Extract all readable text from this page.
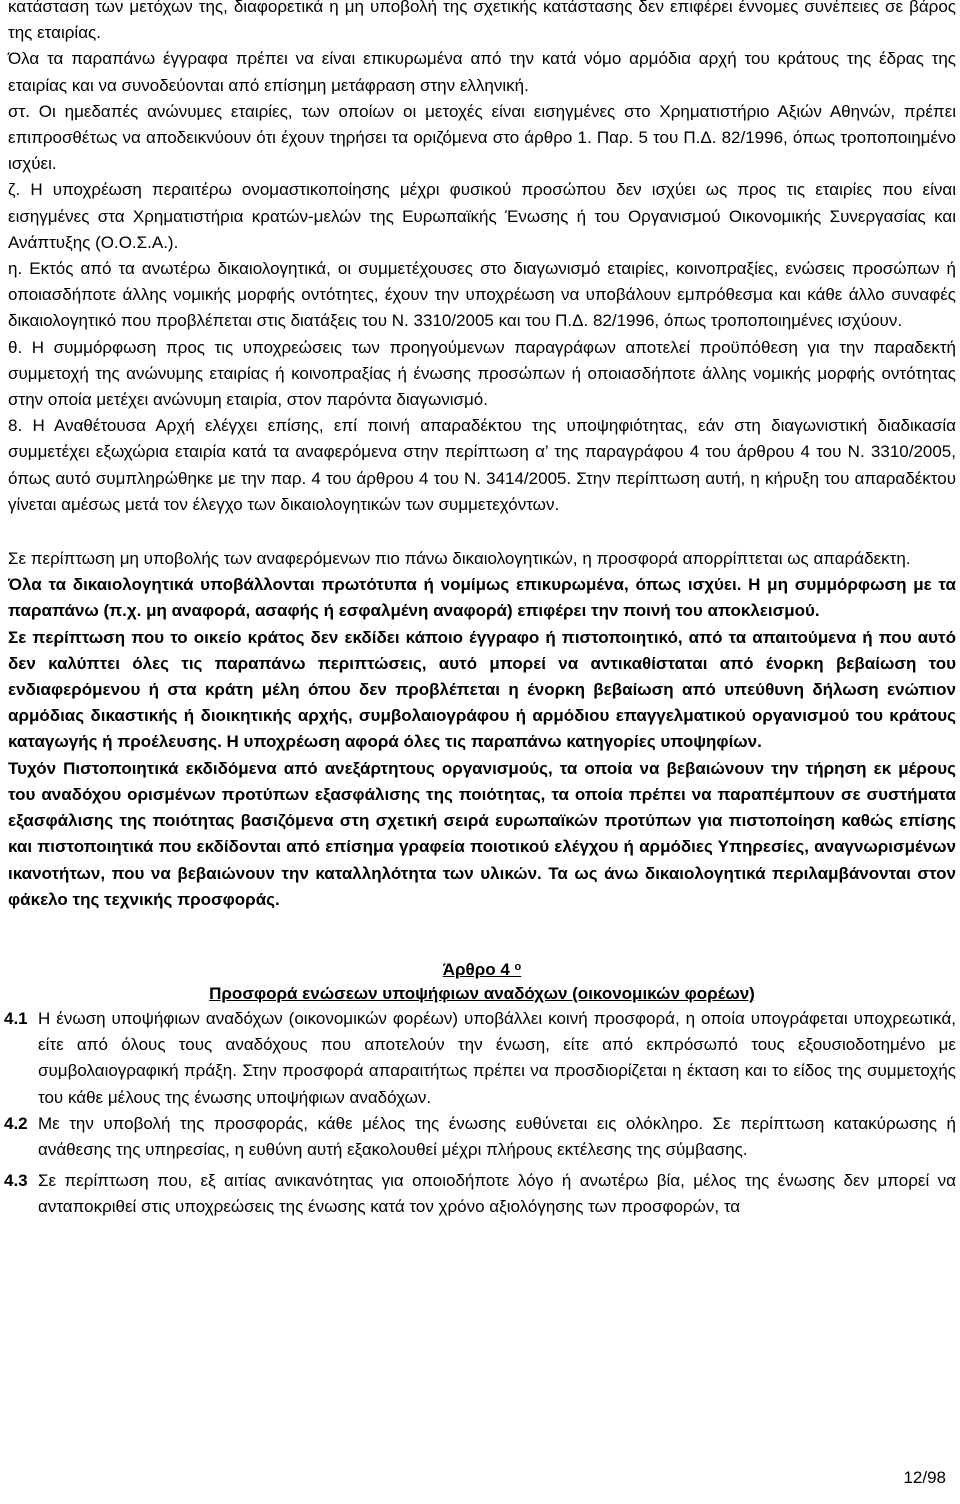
κατάσταση των μετόχων της, διαφορετικά η μη υποβολή της σχετικής κατάστασης δεν επιφέρει έννομες συνέπειες σε βάρος της εταιρίας.

Όλα τα παραπάνω έγγραφα πρέπει να είναι επικυρωμένα από την κατά νόμο αρμόδια αρχή του κράτους της έδρας της εταιρίας και να συνοδεύονται από επίσημη μετάφραση στην ελληνική.

στ. Οι ημεδαπές ανώνυμες εταιρίες, των οποίων οι μετοχές είναι εισηγμένες στο Χρηματιστήριο Αξιών Αθηνών, πρέπει επιπροσθέτως να αποδεικνύουν ότι έχουν τηρήσει τα οριζόμενα στο άρθρο 1. Παρ. 5 του Π.Δ. 82/1996, όπως τροποποιημένο ισχύει.

ζ. Η υποχρέωση περαιτέρω ονομαστικοποίησης μέχρι φυσικού προσώπου δεν ισχύει ως προς τις εταιρίες που είναι εισηγμένες στα Χρηματιστήρια κρατών-μελών της Ευρωπαϊκής Ένωσης ή του Οργανισμού Οικονομικής Συνεργασίας και Ανάπτυξης (Ο.Ο.Σ.Α.).

η. Εκτός από τα ανωτέρω δικαιολογητικά, οι συμμετέχουσες στο διαγωνισμό εταιρίες, κοινοπραξίες, ενώσεις προσώπων ή οποιασδήποτε άλλης νομικής μορφής οντότητες, έχουν την υποχρέωση να υποβάλουν εμπρόθεσμα και κάθε άλλο συναφές δικαιολογητικό που προβλέπεται στις διατάξεις του Ν. 3310/2005 και του Π.Δ. 82/1996, όπως τροποποιημένες ισχύουν.

θ. Η συμμόρφωση προς τις υποχρεώσεις των προηγούμενων παραγράφων αποτελεί προϋπόθεση για την παραδεκτή συμμετοχή της ανώνυμης εταιρίας ή κοινοπραξίας ή ένωσης προσώπων ή οποιασδήποτε άλλης νομικής μορφής οντότητας στην οποία μετέχει ανώνυμη εταιρία, στον παρόντα διαγωνισμό.

8. Η Αναθέτουσα Αρχή ελέγχει επίσης, επί ποινή απαραδέκτου της υποψηφιότητας, εάν στη διαγωνιστική διαδικασία συμμετέχει εξωχώρια εταιρία κατά τα αναφερόμενα στην περίπτωση α’ της παραγράφου 4 του άρθρου 4 του Ν. 3310/2005, όπως αυτό συμπληρώθηκε με την παρ. 4 του άρθρου 4 του Ν. 3414/2005. Στην περίπτωση αυτή, η κήρυξη του απαραδέκτου γίνεται αμέσως μετά τον έλεγχο των δικαιολογητικών των συμμετεχόντων.

Σε περίπτωση μη υποβολής των αναφερόμενων πιο πάνω δικαιολογητικών, η προσφορά απορρίπτεται ως απαράδεκτη.

Όλα τα δικαιολογητικά υποβάλλονται πρωτότυπα ή νομίμως επικυρωμένα, όπως ισχύει. Η μη συμμόρφωση με τα παραπάνω (π.χ. μη αναφορά, ασαφής ή εσφαλμένη αναφορά) επιφέρει την ποινή του αποκλεισμού.

Σε περίπτωση που το οικείο κράτος δεν εκδίδει κάποιο έγγραφο ή πιστοποιητικό, από τα απαιτούμενα ή που αυτό δεν καλύπτει όλες τις παραπάνω περιπτώσεις, αυτό μπορεί να αντικαθίσταται από ένορκη βεβαίωση του ενδιαφερόμενου ή στα κράτη μέλη όπου δεν προβλέπεται η ένορκη βεβαίωση από υπεύθυνη δήλωση ενώπιον αρμόδιας δικαστικής ή διοικητικής αρχής, συμβολαιογράφου ή αρμόδιου επαγγελματικού οργανισμού του κράτους καταγωγής ή προέλευσης. Η υποχρέωση αφορά όλες τις παραπάνω κατηγορίες υποψηφίων.

Τυχόν Πιστοποιητικά εκδιδόμενα από ανεξάρτητους οργανισμούς, τα οποία να βεβαιώνουν την τήρηση εκ μέρους του αναδόχου ορισμένων προτύπων εξασφάλισης της ποιότητας, τα οποία πρέπει να παραπέμπουν σε συστήματα εξασφάλισης της ποιότητας βασιζόμενα στη σχετική σειρά ευρωπαϊκών προτύπων για πιστοποίηση καθώς επίσης και πιστοποιητικά που εκδίδονται από επίσημα γραφεία ποιοτικού ελέγχου ή αρμόδιες Υπηρεσίες, αναγνωρισμένων ικανοτήτων, που να βεβαιώνουν την καταλληλότητα των υλικών. Τα ως άνω δικαιολογητικά περιλαμβάνονται στον φάκελο της τεχνικής προσφοράς.

Άρθρο 4 $^o$

Προσφορά ενώσεων υποψήφιων αναδόχων (οικονομικών φορέων)

4.1 Η ένωση υποψήφιων αναδόχων (οικονομικών φορέων) υποβάλλει κοινή προσφορά, η οποία υπογράφεται υποχρεωτικά, είτε από όλους τους αναδόχους που αποτελούν την ένωση, είτε από εκπρόσωπό τους εξουσιοδοτημένο με συμβολαιογραφική πράξη. Στην προσφορά απαραιτήτως πρέπει να προσδιορίζεται η έκταση και το είδος της συμμετοχής του κάθε μέλους της ένωσης υποψήφιων αναδόχων.
4.2 Με την υποβολή της προσφοράς, κάθε μέλος της ένωσης ευθύνεται εις ολόκληρο. Σε περίπτωση κατακύρωσης ή ανάθεσης της υπηρεσίας, η ευθύνη αυτή εξακολουθεί μέχρι πλήρους εκτέλεσης της σύμβασης.
4.3 Σε περίπτωση που, εξ αιτίας ανικανότητας για οποιοδήποτε λόγο ή ανωτέρω βία, μέλος της ένωσης δεν μπορεί να ανταποκριθεί στις υποχρεώσεις της ένωσης κατά τον χρόνο αξιολόγησης των προσφορών, τα
12/98
